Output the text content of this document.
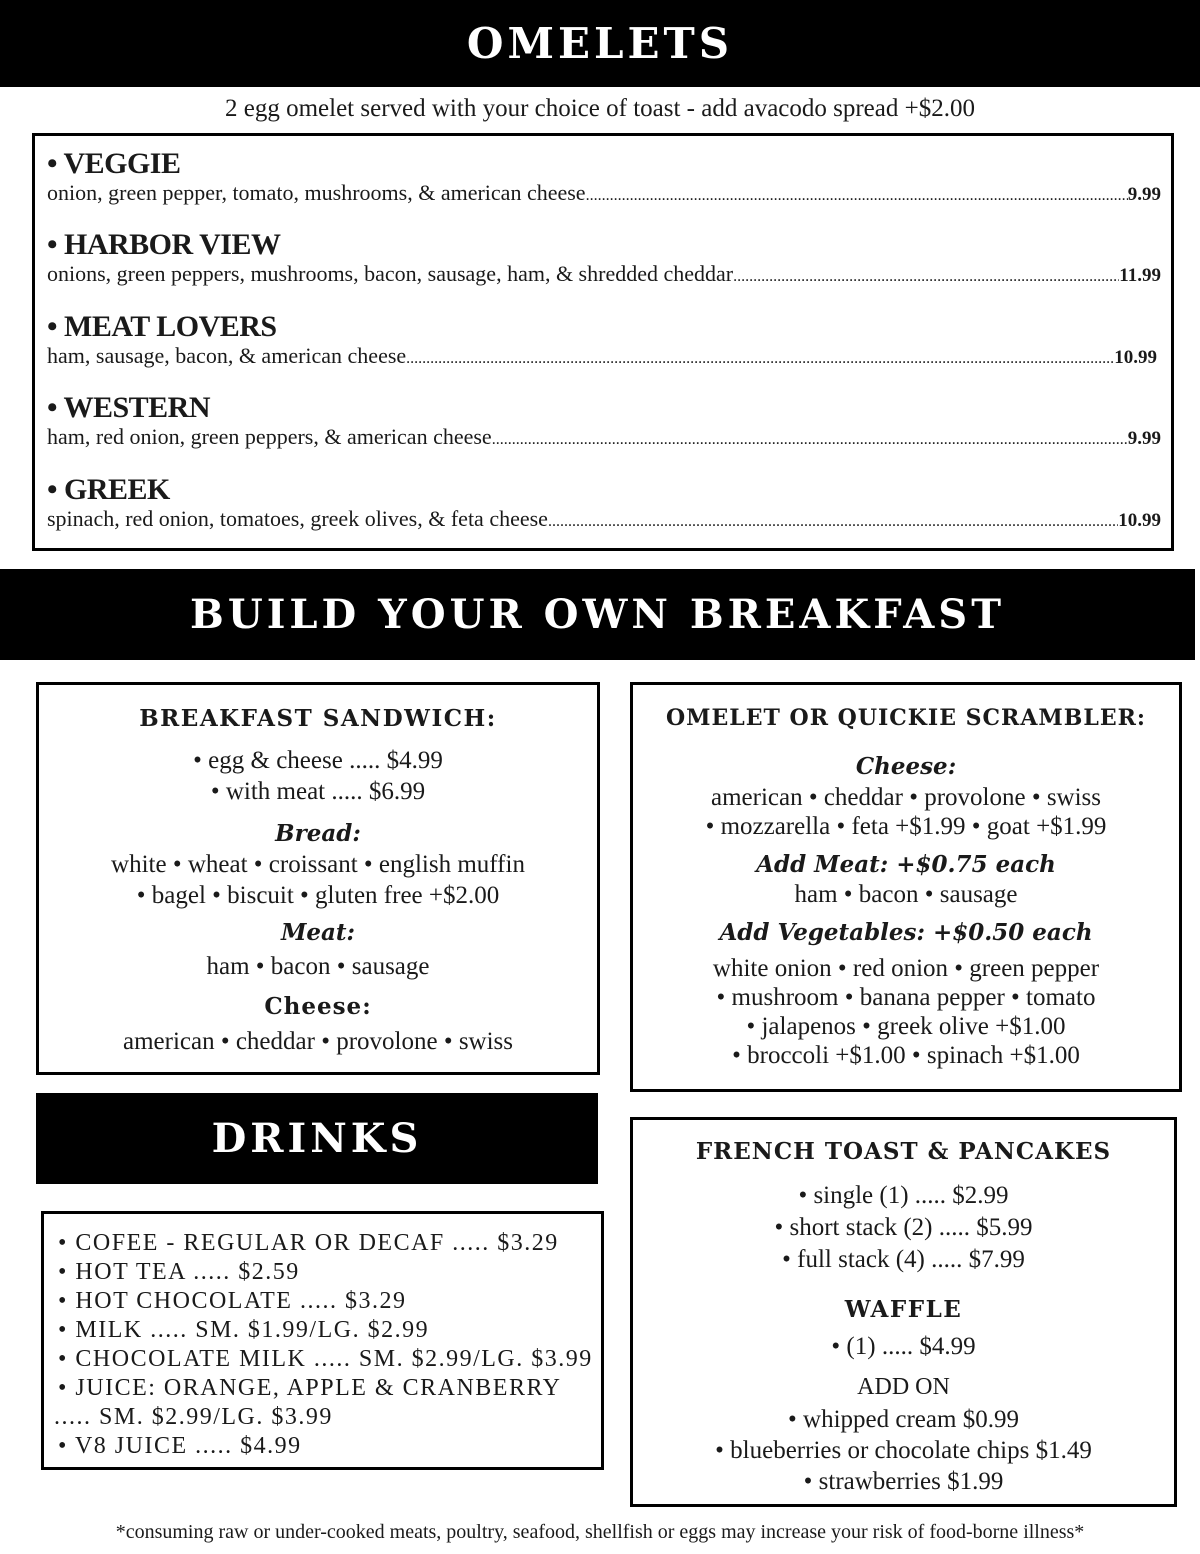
OMELETS
2 egg omelet served with your choice of toast - add avacodo spread +$2.00
• VEGGIE
onion, green pepper, tomato, mushrooms, & american cheese .....	9.99
• HARBOR VIEW
onions, green peppers, mushrooms, bacon, sausage, ham, & shredded cheddar .....	11.99
• MEAT LOVERS
ham, sausage, bacon, & american cheese .....	10.99
• WESTERN
ham, red onion, green peppers, & american cheese .....	9.99
• GREEK
spinach, red onion, tomatoes, greek olives, & feta cheese .....	10.99
BUILD YOUR OWN BREAKFAST
BREAKFAST SANDWICH:
• egg & cheese ..... $4.99
• with meat ..... $6.99
Bread:
white • wheat • croissant • english muffin
• bagel • biscuit • gluten free +$2.00
Meat:
ham • bacon • sausage
Cheese:
american • cheddar • provolone • swiss
OMELET OR QUICKIE SCRAMBLER:
Cheese:
american • cheddar • provolone • swiss
• mozzarella • feta +$1.99 • goat +$1.99
Add Meat: +$0.75 each
ham • bacon • sausage
Add Vegetables: +$0.50 each
white onion • red onion • green pepper
• mushroom • banana pepper • tomato
• jalapenos • greek olive +$1.00
• broccoli +$1.00 • spinach +$1.00
DRINKS
• COFEE - REGULAR OR DECAF ..... $3.29
• HOT TEA ..... $2.59
• HOT CHOCOLATE ..... $3.29
• MILK ..... SM. $1.99/LG. $2.99
• CHOCOLATE MILK ..... SM. $2.99/LG. $3.99
• JUICE: ORANGE, APPLE & CRANBERRY
..... SM. $2.99/LG. $3.99
• V8 JUICE ..... $4.99
FRENCH TOAST & PANCAKES
• single (1) ..... $2.99
• short stack (2) ..... $5.99
• full stack (4) ..... $7.99
WAFFLE
• (1) ..... $4.99
ADD ON
• whipped cream $0.99
• blueberries or chocolate chips $1.49
• strawberries $1.99
*consuming raw or under-cooked meats, poultry, seafood, shellfish or eggs may increase your risk of food-borne illness*
